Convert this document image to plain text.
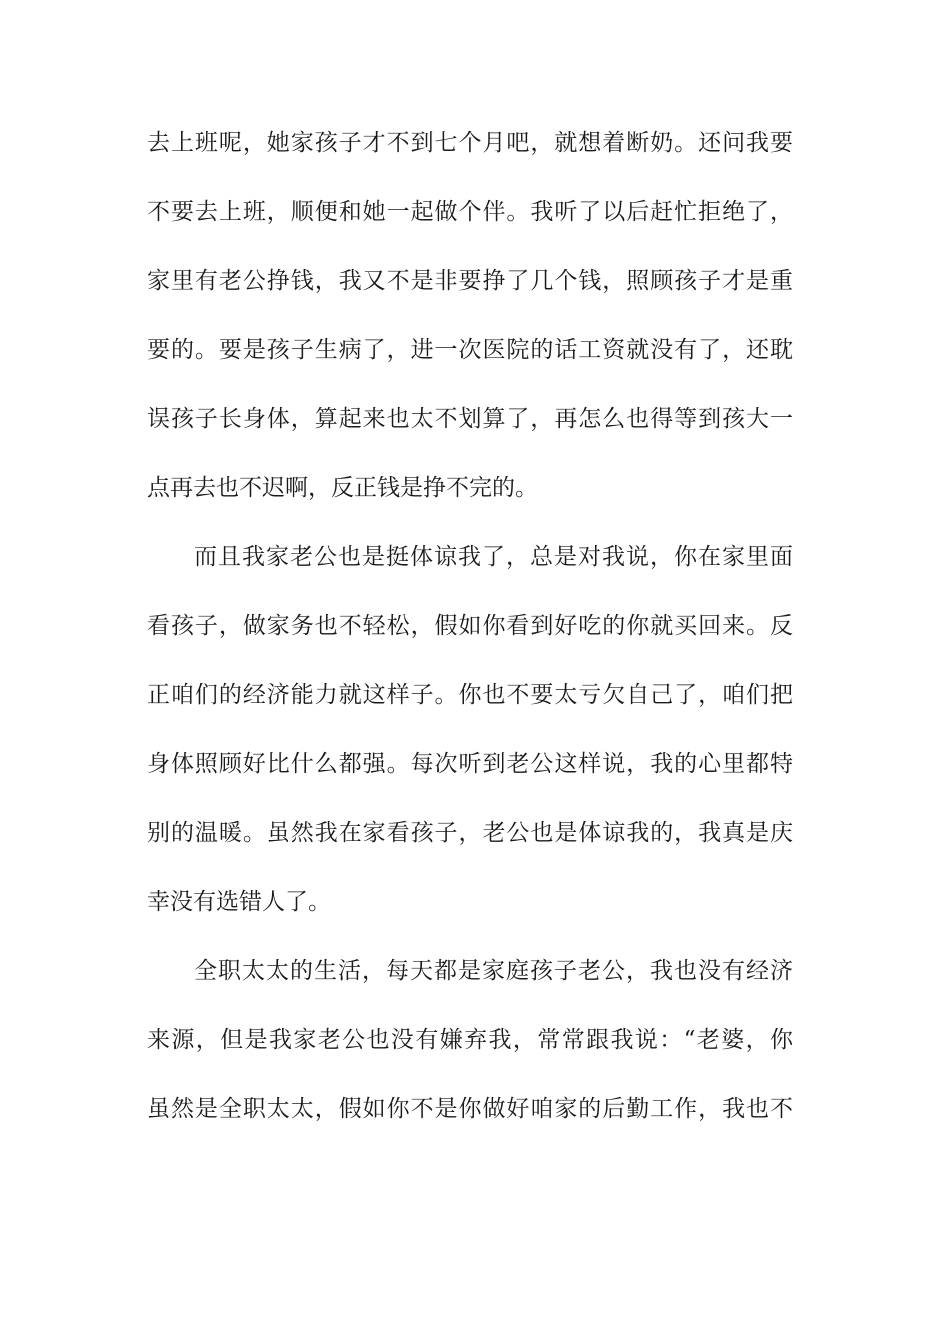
去上班呢，她家孩子才不到七个月吧，就想着断奶。还问我要
不要去上班，顺便和她一起做个伴。我听了以后赶忙拒绝了，
家里有老公挣钱，我又不是非要挣了几个钱，照顾孩子才是重
要的。要是孩子生病了，进一次医院的话工资就没有了，还耽
误孩子长身体，算起来也太不划算了，再怎么也得等到孩大一
点再去也不迟啊，反正钱是挣不完的。
而且我家老公也是挺体谅我了，总是对我说，你在家里面
看孩子，做家务也不轻松，假如你看到好吃的你就买回来。反
正咱们的经济能力就这样子。你也不要太亏欠自己了，咱们把
身体照顾好比什么都强。每次听到老公这样说，我的心里都特
别的温暖。虽然我在家看孩子，老公也是体谅我的，我真是庆
幸没有选错人了。
全职太太的生活，每天都是家庭孩子老公，我也没有经济
来源，但是我家老公也没有嫌弃我，常常跟我说：“老婆，你
虽然是全职太太，假如你不是你做好咱家的后勤工作，我也不
